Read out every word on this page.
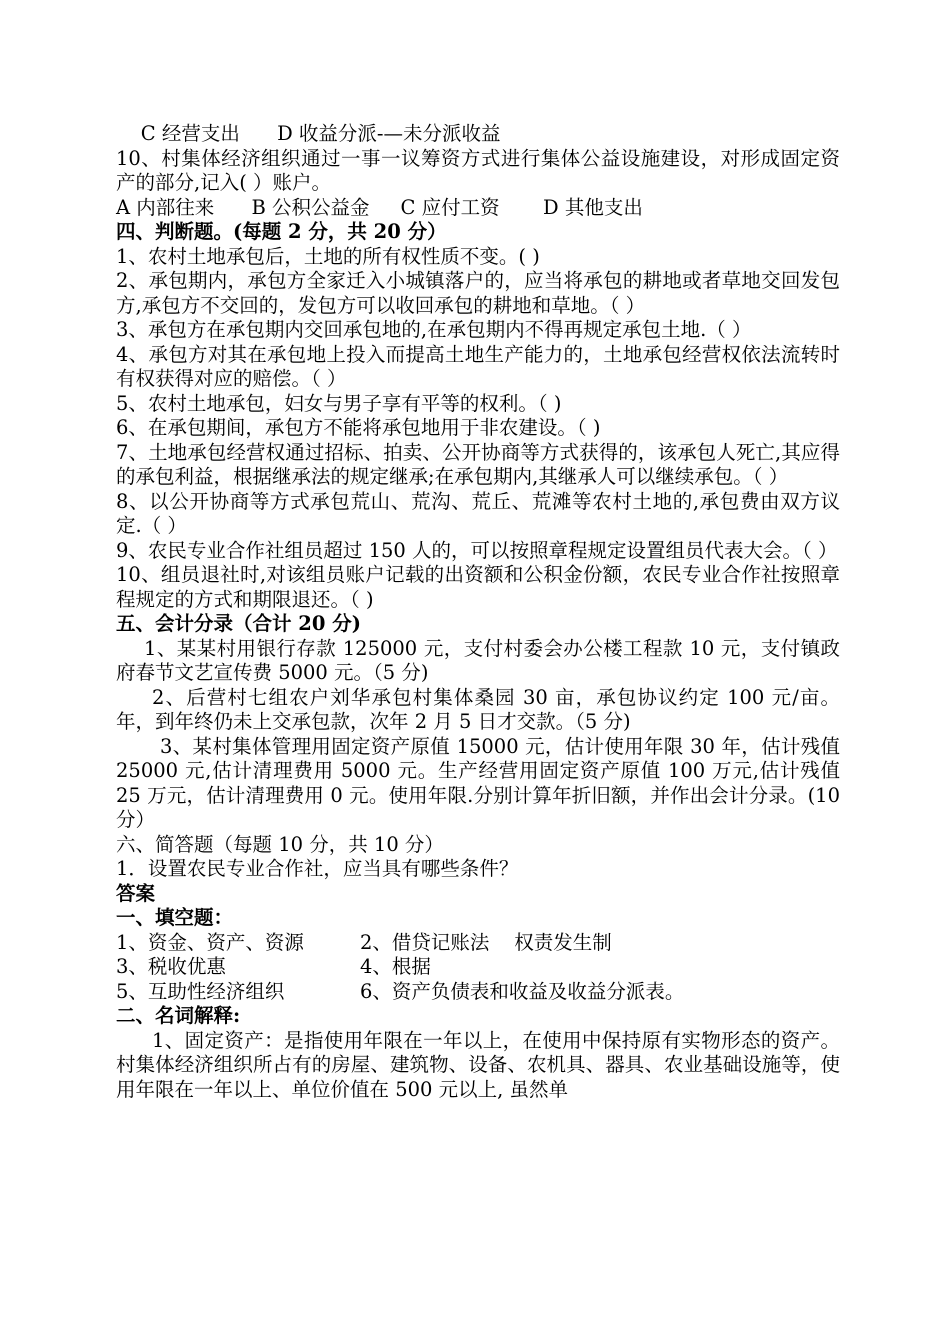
C 经营支出      D 收益分派-—未分派收益
10、村集体经济组织通过一事一议筹资方式进行集体公益设施建设，对形成固定资产的部分,记入( ）账户。
A 内部往来      B 公积公益金     C 应付工资       D 其他支出
四、判断题。(每题 2 分，共 20 分）
1、农村土地承包后，土地的所有权性质不变。( )
2、承包期内，承包方全家迁入小城镇落户的，应当将承包的耕地或者草地交回发包方,承包方不交回的，发包方可以收回承包的耕地和草地。（ ）
3、承包方在承包期内交回承包地的,在承包期内不得再规定承包土地.（ ）
4、承包方对其在承包地上投入而提高土地生产能力的，土地承包经营权依法流转时有权获得对应的赔偿。（ ）
5、农村土地承包，妇女与男子享有平等的权利。（ )
6、在承包期间，承包方不能将承包地用于非农建设。（ )
7、土地承包经营权通过招标、拍卖、公开协商等方式获得的，该承包人死亡,其应得的承包利益，根据继承法的规定继承;在承包期内,其继承人可以继续承包。（ ）
8、以公开协商等方式承包荒山、荒沟、荒丘、荒滩等农村土地的,承包费由双方议定.（ ）
9、农民专业合作社组员超过 150 人的，可以按照章程规定设置组员代表大会。（ ）
10、组员退社时,对该组员账户记载的出资额和公积金份额，农民专业合作社按照章程规定的方式和期限退还。（ )
五、会计分录（合计 20 分)
1、某某村用银行存款 125000 元，支付村委会办公楼工程款 10 元，支付镇政府春节文艺宣传费 5000 元。（5 分)
2、后营村七组农户刘华承包村集体桑园 30 亩，承包协议约定 100 元/亩。年，到年终仍未上交承包款，次年 2 月 5 日才交款。（5 分)
3、某村集体管理用固定资产原值 15000 元，估计使用年限 30 年，估计残值 25000 元,估计清理费用 5000 元。生产经营用固定资产原值 100 万元,估计残值 25 万元，估计清理费用 0 元。使用年限.分别计算年折旧额，并作出会计分录。(10 分）
六、简答题（每题 10 分，共 10 分）
1．设置农民专业合作社，应当具有哪些条件？
答案
一、填空题：
1、资金、资产、资源	2、借贷记账法    权责发生制
3、税收优惠	4、根据
5、互助性经济组织	6、资产负债表和收益及收益分派表。
二、名词解释:
1、固定资产：是指使用年限在一年以上，在使用中保持原有实物形态的资产。村集体经济组织所占有的房屋、建筑物、设备、农机具、器具、农业基础设施等，使用年限在一年以上、单位价值在 500 元以上, 虽然单
